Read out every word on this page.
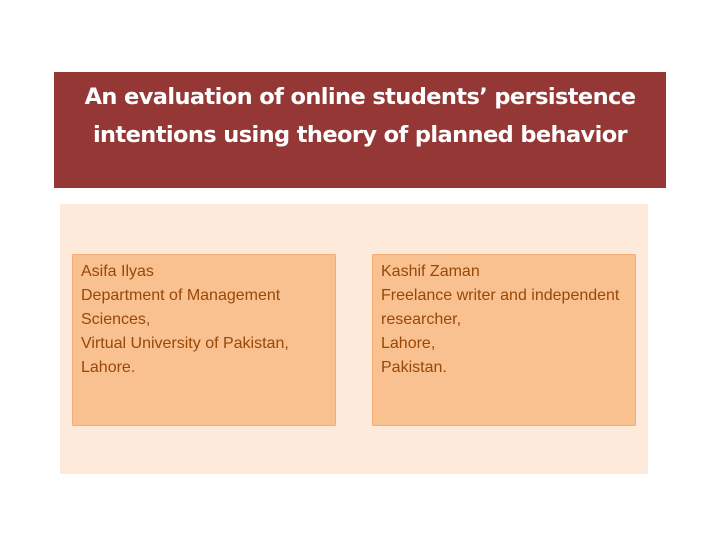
An evaluation of online students’ persistence
intentions using theory of planned behavior

Asifa Ilyas
Department of Management Sciences,
Virtual University of Pakistan,
Lahore.
Kashif Zaman
Freelance writer and independent researcher,
Lahore,
Pakistan.
